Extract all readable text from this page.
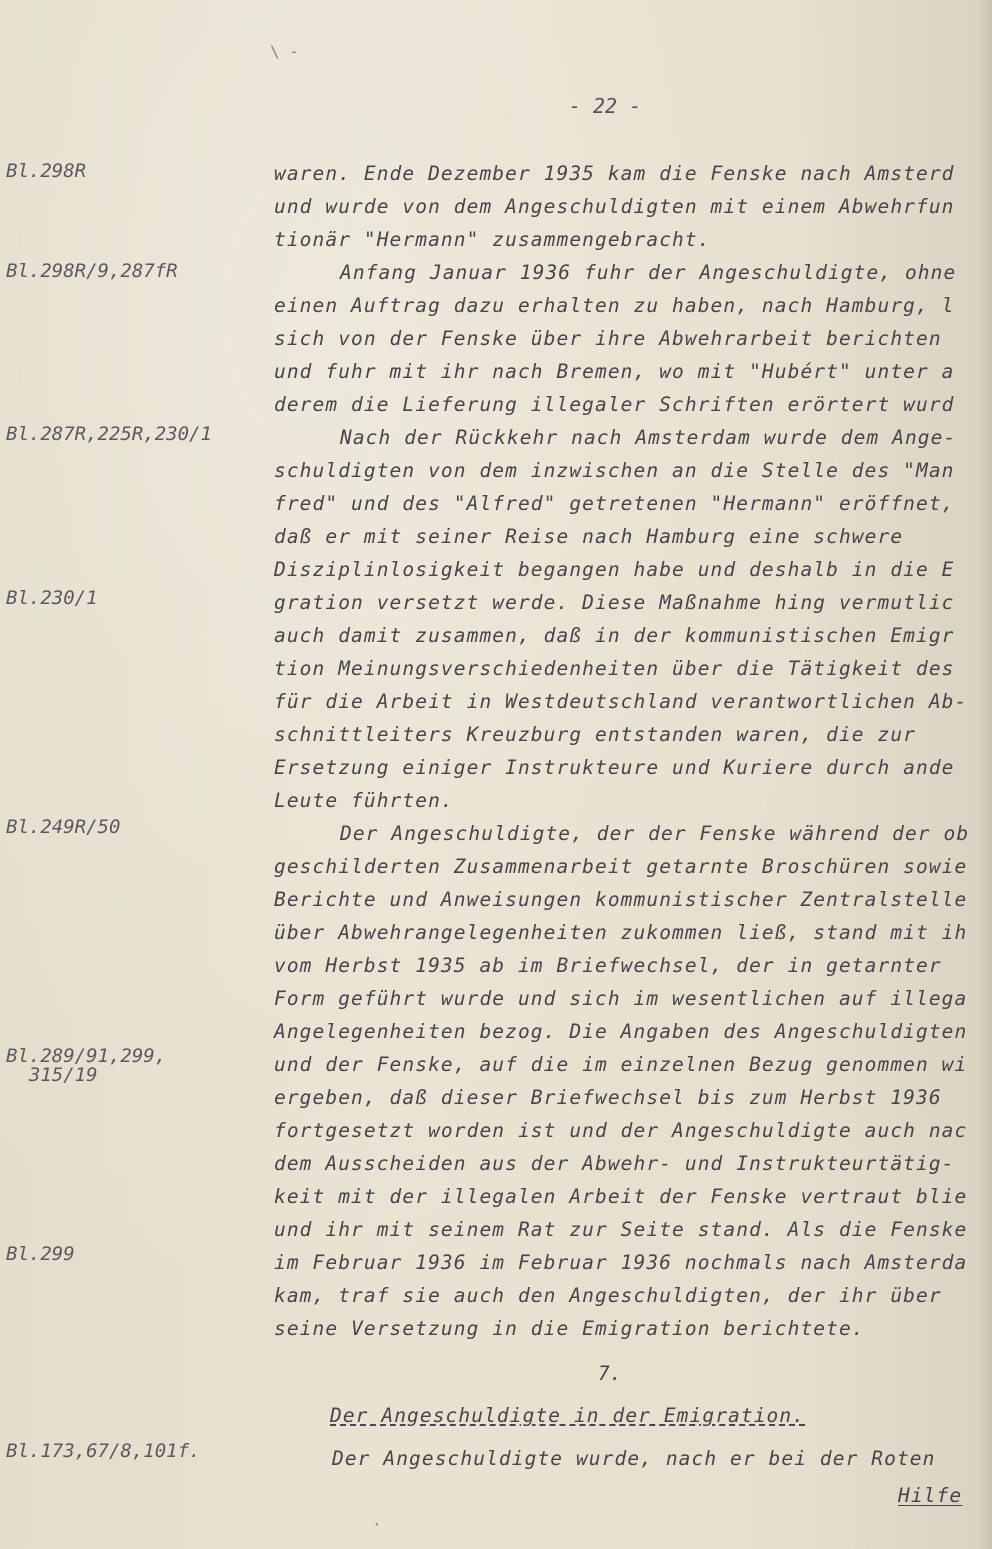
\ -
- 22 -
Bl.298R
Bl.298R/9,287fR
Bl.287R,225R,230/1
Bl.230/1
Bl.249R/50
Bl.289/91,299,
315/19
Bl.299
Bl.173,67/8,101f.
waren. Ende Dezember 1935 kam die Fenske nach Amsterd
und wurde von dem Angeschuldigten mit einem Abwehrfun
tionär "Hermann" zusammengebracht.
Anfang Januar 1936 fuhr der Angeschuldigte, ohne
einen Auftrag dazu erhalten zu haben, nach Hamburg, l
sich von der Fenske über ihre Abwehrarbeit berichten
und fuhr mit ihr nach Bremen, wo mit "Hubért" unter a
derem die Lieferung illegaler Schriften erörtert wurd
Nach der Rückkehr nach Amsterdam wurde dem Ange-
schuldigten von dem inzwischen an die Stelle des "Man
fred" und des "Alfred" getretenen "Hermann" eröffnet,
daß er mit seiner Reise nach Hamburg eine schwere
Disziplinlosigkeit begangen habe und deshalb in die E
gration versetzt werde. Diese Maßnahme hing vermutlic
auch damit zusammen, daß in der kommunistischen Emigr
tion Meinungsverschiedenheiten über die Tätigkeit des
für die Arbeit in Westdeutschland verantwortlichen Ab-
schnittleiters Kreuzburg entstanden waren, die zur
Ersetzung einiger Instrukteure und Kuriere durch ande
Leute führten.
Der Angeschuldigte, der der Fenske während der ob
geschilderten Zusammenarbeit getarnte Broschüren sowie
Berichte und Anweisungen kommunistischer Zentralstelle
über Abwehrangelegenheiten zukommen ließ, stand mit ih
vom Herbst 1935 ab im Briefwechsel, der in getarnter
Form geführt wurde und sich im wesentlichen auf illega
Angelegenheiten bezog. Die Angaben des Angeschuldigten
und der Fenske, auf die im einzelnen Bezug genommen wi
ergeben, daß dieser Briefwechsel bis zum Herbst 1936
fortgesetzt worden ist und der Angeschuldigte auch nac
dem Ausscheiden aus der Abwehr- und Instrukteurtätig-
keit mit der illegalen Arbeit der Fenske vertraut blie
und ihr mit seinem Rat zur Seite stand. Als die Fenske
im Februar 1936 im Februar 1936 nochmals nach Amsterda
kam, traf sie auch den Angeschuldigten, der ihr über
seine Versetzung in die Emigration berichtete.
7.
Der Angeschuldigte in der Emigration.
Der Angeschuldigte wurde, nach er bei der Roten
Hilfe
·
